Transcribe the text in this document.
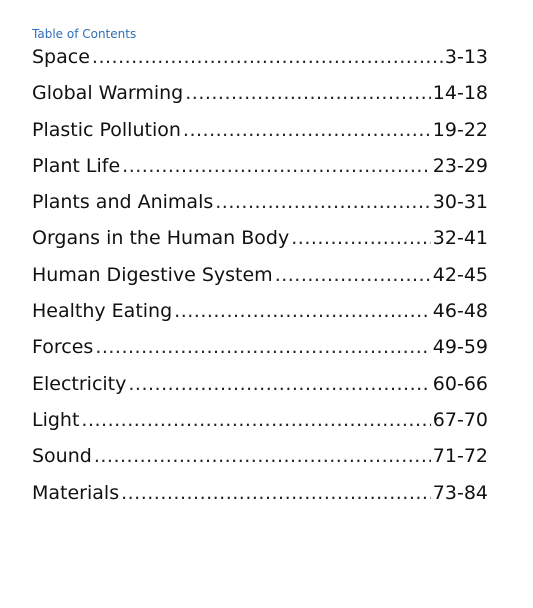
Table of Contents
Space .....	3-13
Global Warming .....	14-18
Plastic Pollution .....	19-22
Plant Life .....	23-29
Plants and Animals .....	30-31
Organs in the Human Body .....	32-41
Human Digestive System .....	42-45
Healthy Eating .....	46-48
Forces .....	49-59
Electricity .....	60-66
Light .....	67-70
Sound .....	71-72
Materials .....	73-84
